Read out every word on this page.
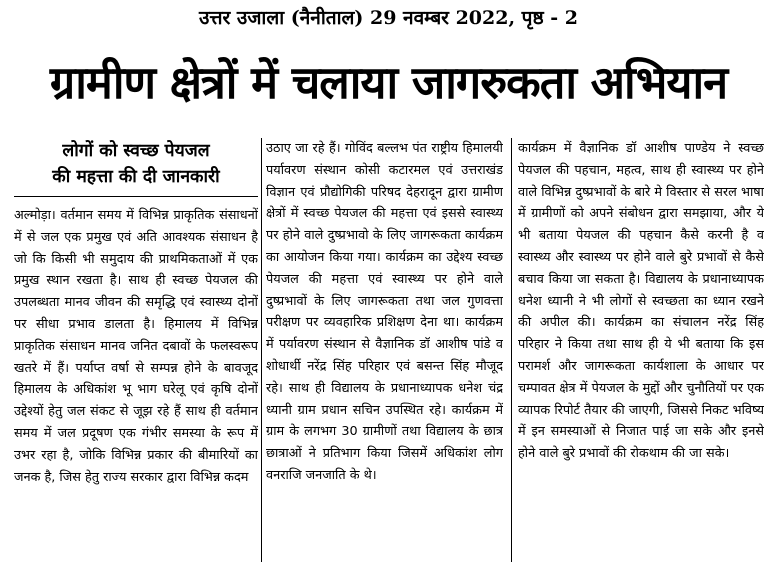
उत्तर उजाला (नैनीताल) 29 नवम्बर 2022, पृष्ठ - 2
ग्रामीण क्षेत्रों में चलाया जागरुकता अभियान
लोगों को स्वच्छ पेयजल
की महत्ता की दी जानकारी

अल्मोड़ा। वर्तमान समय में विभिन्न प्राकृतिक संसाधनों में से जल एक प्रमुख एवं अति आवश्यक संसाधन है जो कि किसी भी समुदाय की प्राथमिकताओं में एक प्रमुख स्थान रखता है। साथ ही स्वच्छ पेयजल की उपलब्धता मानव जीवन की समृद्धि एवं स्वास्थ्य दोनों पर सीधा प्रभाव डालता है। हिमालय में विभिन्न प्राकृतिक संसाधन मानव जनित दबावों के फलस्वरूप खतरे में हैं। पर्याप्त वर्षा से सम्पन्न होने के बावजूद हिमालय के अधिकांश भू भाग घरेलू एवं कृषि दोनों उद्देश्यों हेतु जल संकट से जूझ रहे हैं साथ ही वर्तमान समय में जल प्रदूषण एक गंभीर समस्या के रूप में उभर रहा है, जोकि विभिन्न प्रकार की बीमारियों का जनक है, जिस हेतु राज्य सरकार द्वारा विभिन्न कदम

उठाए जा रहे हैं। गोविंद बल्लभ पंत राष्ट्रीय हिमालयी पर्यावरण संस्थान कोसी कटारमल एवं उत्तराखंड विज्ञान एवं प्रौद्योगिकी परिषद देहरादून द्वारा ग्रामीण क्षेत्रों में स्वच्छ पेयजल की महत्ता एवं इससे स्वास्थ्य पर होने वाले दुष्प्रभावो के लिए जागरूकता कार्यक्रम का आयोजन किया गया। कार्यक्रम का उद्देश्य स्वच्छ पेयजल की महत्ता एवं स्वास्थ्य पर होने वाले दुष्प्रभावों के लिए जागरूकता तथा जल गुणवत्ता परीक्षण पर व्यवहारिक प्रशिक्षण देना था। कार्यक्रम में पर्यावरण संस्थान से वैज्ञानिक डॉ आशीष पांडे व शोधार्थी नरेंद्र सिंह परिहार एवं बसन्त सिंह मौजूद रहे। साथ ही विद्यालय के प्रधानाध्यापक धनेश चंद्र ध्यानी ग्राम प्रधान सचिन उपस्थित रहे। कार्यक्रम में ग्राम के लगभग 30 ग्रामीणों तथा विद्यालय के छात्र छात्राओं ने प्रतिभाग किया जिसमें अधिकांश लोग वनराजि जनजाति के थे।

कार्यक्रम में वैज्ञानिक डॉ आशीष पाण्डेय ने स्वच्छ पेयजल की पहचान, महत्व, साथ ही स्वास्थ्य पर होने वाले विभिन्न दुष्प्रभावों के बारे मे विस्तार से सरल भाषा में ग्रामीणों को अपने संबोधन द्वारा समझाया, और ये भी बताया पेयजल की पहचान कैसे करनी है व स्वास्थ्य और स्वास्थ्य पर होने वाले बुरे प्रभावों से कैसे बचाव किया जा सकता है। विद्यालय के प्रधानाध्यापक धनेश ध्यानी ने भी लोगों से स्वच्छता का ध्यान रखने की अपील की। कार्यक्रम का संचालन नरेंद्र सिंह परिहार ने किया तथा साथ ही ये भी बताया कि इस परामर्श और जागरूकता कार्यशाला के आधार पर चम्पावत क्षेत्र में पेयजल के मुद्दों और चुनौतियों पर एक व्यापक रिपोर्ट तैयार की जाएगी, जिससे निकट भविष्य में इन समस्याओं से निजात पाई जा सके और इनसे होने वाले बुरे प्रभावों की रोकथाम की जा सके।
